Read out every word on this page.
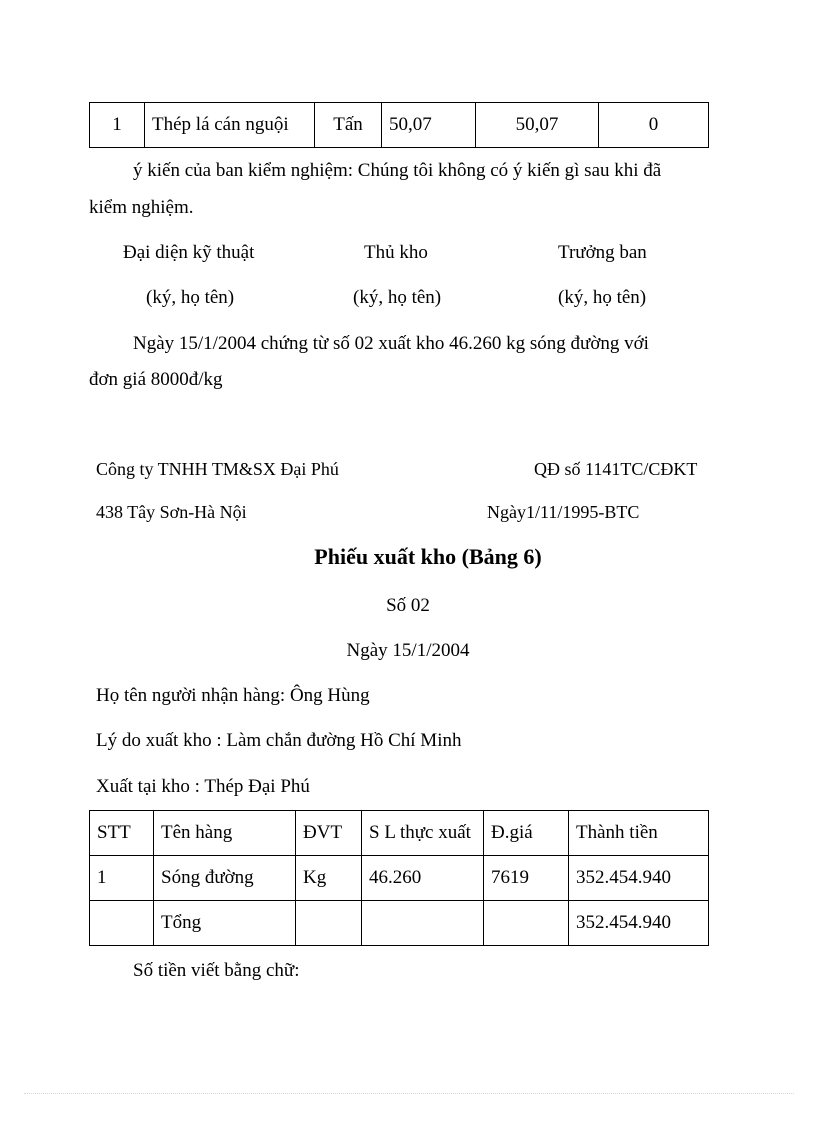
1	Thép lá cán nguội	Tấn	50,07	50,07	0
ý kiến của ban kiểm nghiệm: Chúng tôi không có ý kiến gì sau khi đã
kiểm nghiệm.
Đại diện kỹ thuật	Thủ kho	Trưởng ban
(ký, họ tên)	(ký, họ tên)	(ký, họ tên)
Ngày 15/1/2004 chứng từ số 02 xuất kho 46.260 kg sóng đường với
đơn giá 8000đ/kg
Công ty TNHH TM&SX Đại Phú	QĐ số 1141TC/CĐKT
438 Tây Sơn-Hà Nội	Ngày1/11/1995-BTC
Phiếu xuất kho (Bảng 6)
Số 02
Ngày 15/1/2004
Họ tên người nhận hàng: Ông Hùng
Lý do xuất kho : Làm chắn đường Hồ Chí Minh
Xuất tại kho : Thép Đại Phú
STT	Tên hàng	ĐVT	S L thực xuất	Đ.giá	Thành tiền
1	Sóng đường	Kg	46.260	7619	352.454.940
	Tổng				352.454.940
Số tiền viết bằng chữ:
